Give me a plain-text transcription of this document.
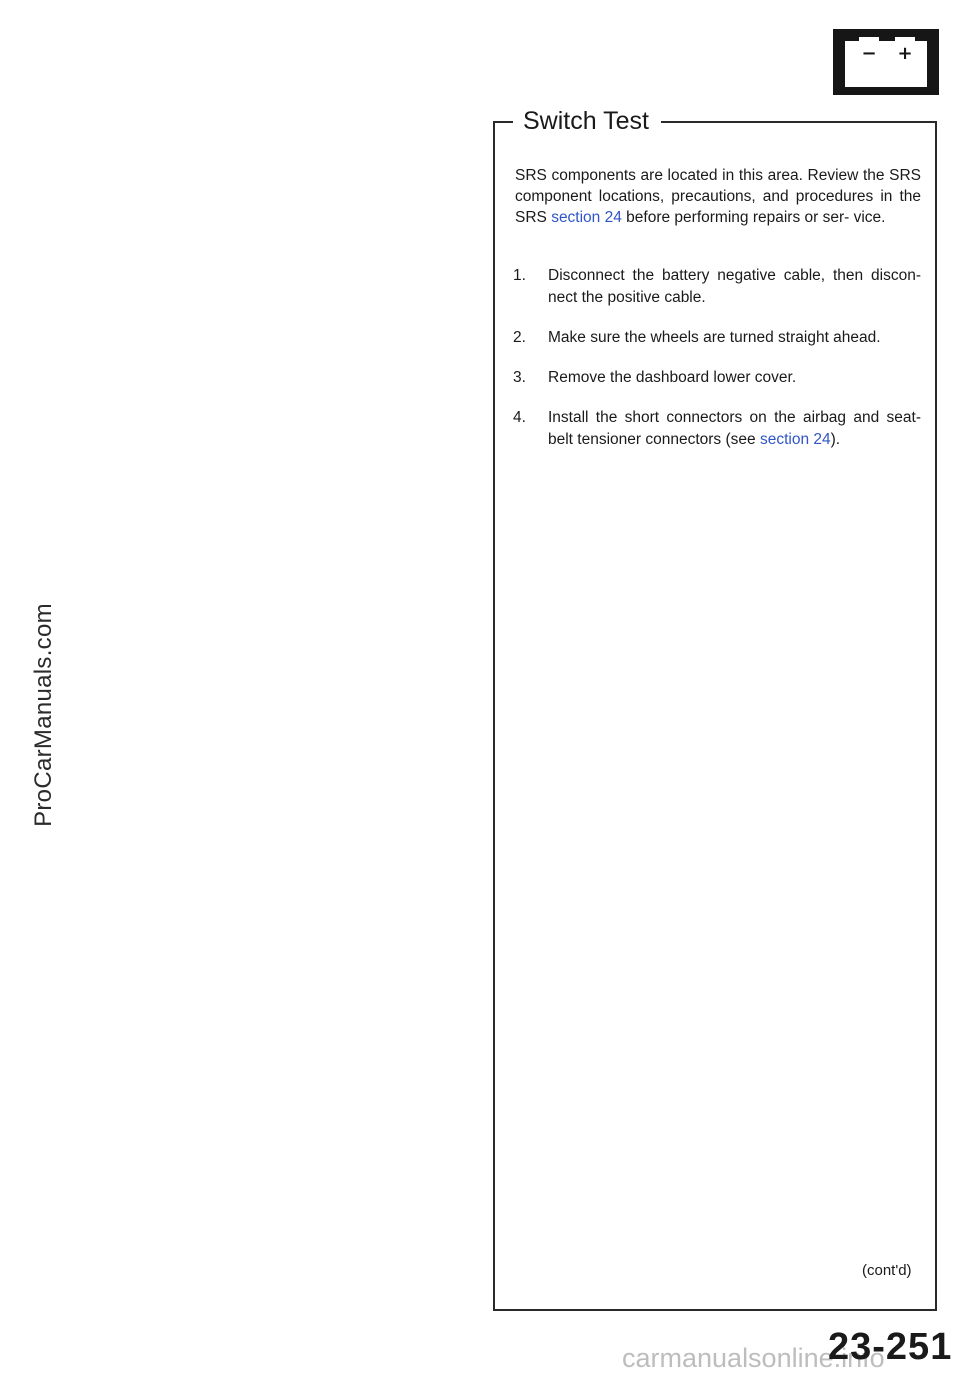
ProCarManuals.com
− +
Switch Test

SRS components are located in this area. Review the SRS component locations, precautions, and procedures in the SRS section 24 before performing repairs or ser- vice.

1. Disconnect the battery negative cable, then discon- nect the positive cable.
2. Make sure the wheels are turned straight ahead.
3. Remove the dashboard lower cover.
4. Install the short connectors on the airbag and seat- belt tensioner connectors (see section 24).
(cont'd)
carmanualsonline.info
23-251
